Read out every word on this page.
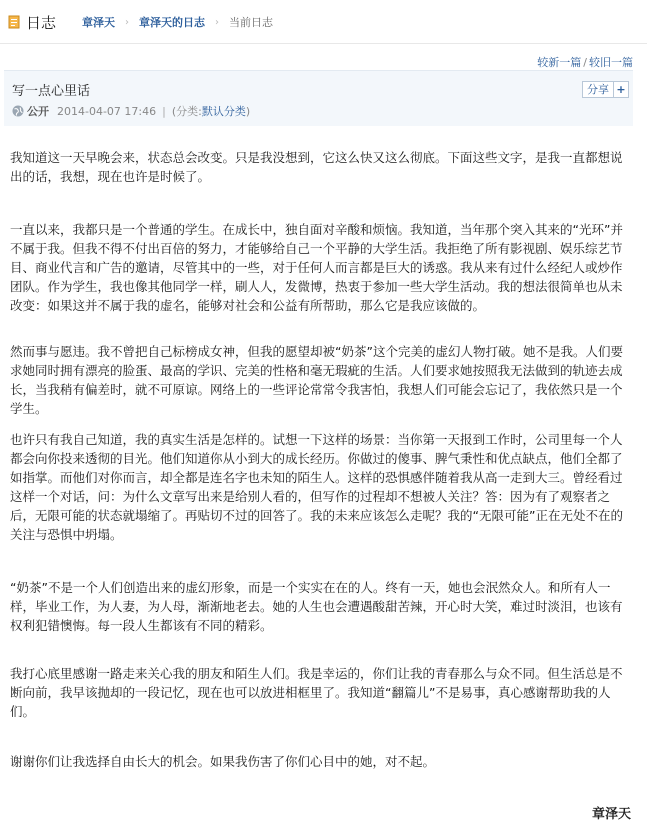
日志 章泽天 › 章泽天的日志 › 当前日志
较新一篇 / 较旧一篇
写一点心里话
公开 2014-04-07 17:46 | (分类: 默认分类 )
分享 +

我知道这一天早晚会来，状态总会改变。只是我没想到，它这么快又这么彻底。下面这些文字，是我一直都想说出的话，我想，现在也许是时候了。

一直以来，我都只是一个普通的学生。在成长中，独自面对辛酸和烦恼。我知道，当年那个突入其来的“光环”并不属于我。但我不得不付出百倍的努力，才能够给自己一个平静的大学生活。我拒绝了所有影视剧、娱乐综艺节目、商业代言和广告的邀请，尽管其中的一些，对于任何人而言都是巨大的诱惑。我从来有过什么经纪人或炒作团队。作为学生，我也像其他同学一样，刷人人，发微博，热衷于参加一些大学生活动。我的想法很简单也从未改变：如果这并不属于我的虚名，能够对社会和公益有所帮助，那么它是我应该做的。

然而事与愿违。我不曾把自己标榜成女神，但我的愿望却被“奶茶”这个完美的虚幻人物打破。她不是我。人们要求她同时拥有漂亮的脸蛋、最高的学识、完美的性格和毫无瑕疵的生活。人们要求她按照我无法做到的轨迹去成长，当我稍有偏差时，就不可原谅。网络上的一些评论常常令我害怕，我想人们可能会忘记了，我依然只是一个学生。

也许只有我自己知道，我的真实生活是怎样的。试想一下这样的场景：当你第一天报到工作时，公司里每一个人都会向你投来透彻的目光。他们知道你从小到大的成长经历。你做过的傻事、脾气秉性和优点缺点，他们全都了如指掌。而他们对你而言，却全都是连名字也未知的陌生人。这样的恐惧感伴随着我从高一走到大三。曾经看过这样一个对话，问：为什么文章写出来是给别人看的，但写作的过程却不想被人关注？答：因为有了观察者之后，无限可能的状态就塌缩了。再贴切不过的回答了。我的未来应该怎么走呢？我的“无限可能”正在无处不在的关注与恐惧中坍塌。

“奶茶”不是一个人们创造出来的虚幻形象，而是一个实实在在的人。终有一天，她也会泯然众人。和所有人一样，毕业工作，为人妻，为人母，渐渐地老去。她的人生也会遭遇酸甜苦辣，开心时大笑，难过时淡泪，也该有权利犯错懊悔。每一段人生都该有不同的精彩。

我打心底里感谢一路走来关心我的朋友和陌生人们。我是幸运的，你们让我的青春那么与众不同。但生活总是不断向前，我早该抛却的一段记忆，现在也可以放进相框里了。我知道“翻篇儿”不是易事，真心感谢帮助我的人们。

谢谢你们让我选择自由长大的机会。如果我伤害了你们心目中的她，对不起。

章泽天
